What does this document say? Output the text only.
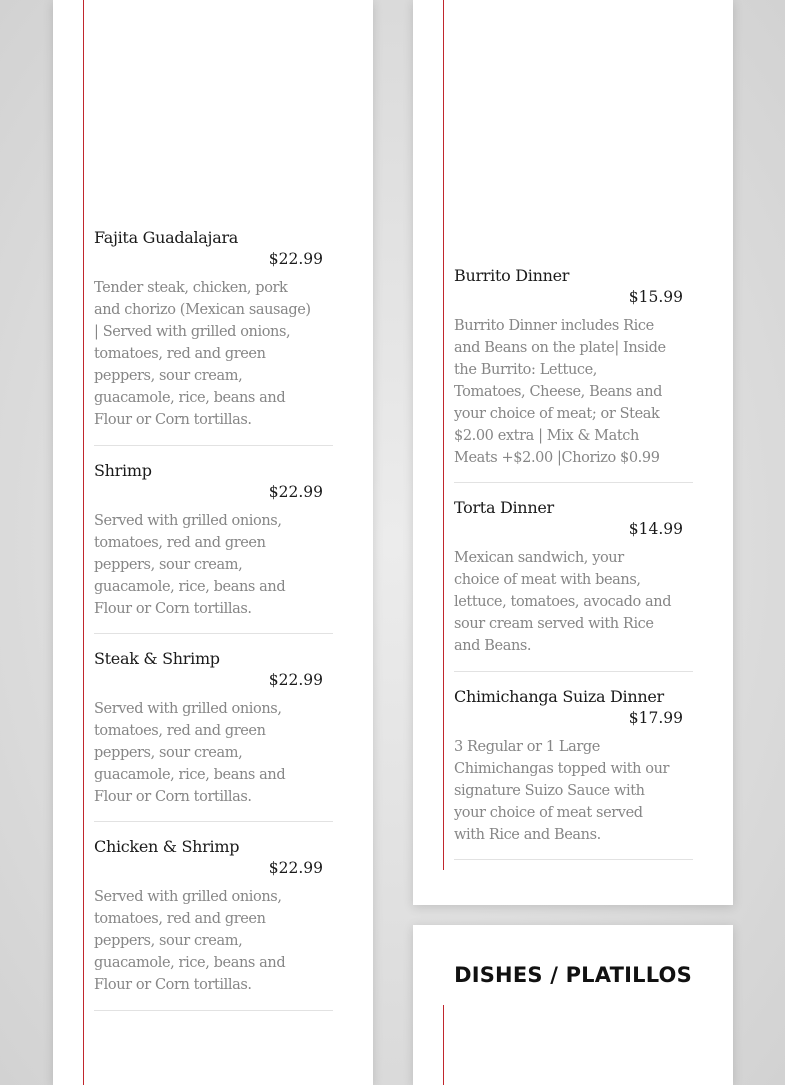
Fajita Guadalajara
$22.99
Tender steak, chicken, pork and chorizo (Mexican sausage) | Served with grilled onions, tomatoes, red and green peppers, sour cream, guacamole, rice, beans and Flour or Corn tortillas.
Shrimp
$22.99
Served with grilled onions, tomatoes, red and green peppers, sour cream, guacamole, rice, beans and Flour or Corn tortillas.
Steak & Shrimp
$22.99
Served with grilled onions, tomatoes, red and green peppers, sour cream, guacamole, rice, beans and Flour or Corn tortillas.
Chicken & Shrimp
$22.99
Served with grilled onions, tomatoes, red and green peppers, sour cream, guacamole, rice, beans and Flour or Corn tortillas.
Burrito Dinner
$15.99
Burrito Dinner includes Rice and Beans on the plate| Inside the Burrito: Lettuce, Tomatoes, Cheese, Beans and your choice of meat; or Steak $2.00 extra | Mix & Match Meats +$2.00 |Chorizo $0.99
Torta Dinner
$14.99
Mexican sandwich, your choice of meat with beans, lettuce, tomatoes, avocado and sour cream served with Rice and Beans.
Chimichanga Suiza Dinner
$17.99
3 Regular or 1 Large Chimichangas topped with our signature Suizo Sauce with your choice of meat served with Rice and Beans.
DISHES / PLATILLOS
